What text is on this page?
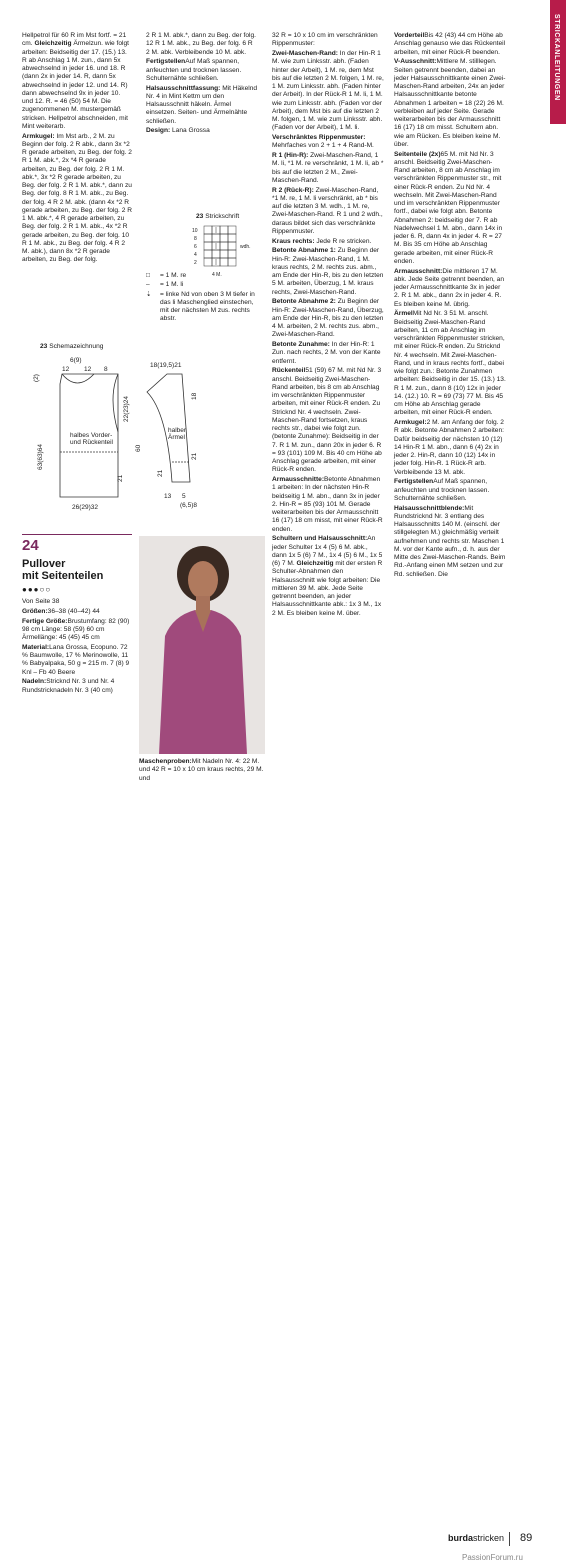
STRICKANLEITUNGEN

Hellpetrol für 60 R im Mst fortf. = 21 cm. Gleichzeitig Ärmelzun. wie folgt arbeiten: Beidseitig der 17. (15.) 13. R ab Anschlag 1 M. zun., dann 5x abwechselnd in jeder 16. und 18. R (dann 2x in jeder 14. R, dann 5x abwechselnd in jeder 12. und 14. R) dann abwechselnd 9x in jeder 10. und 12. R. = 46 (50) 54 M. Die zugenommenen M. mustergemäß stricken. Hellpetrol abschneiden, mit Mint weiterarb.

Armkugel: Im Mst arb., 2 M. zu Beginn der folg. 2 R abk., dann 3x *2 R gerade arbeiten, zu Beg. der folg. 2 R 1 M. abk.*, 2x *4 R gerade arbeiten, zu Beg. der folg. 2 R 1 M. abk.*, 3x *2 R gerade arbeiten, zu Beg. der folg. 2 R 1 M. abk.*, dann zu Beg. der folg. 8 R 1 M. abk., zu Beg. der folg. 4 R 2 M. abk. (dann 4x *2 R gerade arbeiten, zu Beg. der folg. 2 R 1 M. abk.*, 4 R gerade arbeiten, zu Beg. der folg. 2 R 1 M. abk., 4x *2 R gerade arbeiten, zu Beg. der folg. 10 R 1 M. abk., zu Beg. der folg. 4 R 2 M. abk.), dann 8x *2 R gerade arbeiten, zu Beg. der folg.

23 Schemazeichnung
6(9)
12 12 8
(2)
63(63)64
22(23)24
21
halbes Vorder-
und Rückenteil
26(29)32
18(19,5)21
60
halber
Ärmel
18
21
21
13 5
(6,5)8

2 R 1 M. abk.*, dann zu Beg. der folg. 12 R 1 M. abk., zu Beg. der folg. 6 R 2 M. abk. Verbleibende 10 M. abk.

FertigstellenAuf Maß spannen, anfeuchten und trocknen lassen. Schulternähte schließen.

Halsausschnittfassung: Mit Häkelnd Nr. 4 in Mint Kettm um den Halsausschnitt häkeln. Ärmel einsetzen. Seiten- und Ärmelnähte schließen.

Design: Lana Grossa

23 Strickschrift
10
8
6
4
2
wdh.
4 M.
□	= 1 M. re
–	= 1 M. li
⇣	= linke Nd von oben 3 M tiefer in das li Maschenglied einstechen, mit der nächsten M zus. rechts abstr.
24
Pullover
mit Seitenteilen
●●●○○

Von Seite 38

Größen:36–38 (40–42) 44

Fertige Größe:Brustumfang: 82 (90) 98 cm Länge: 58 (59) 60 cm Ärmellänge: 45 (45) 45 cm

Material:Lana Grossa, Ecopuno. 72 % Baumwolle, 17 % Merinowolle, 11 % Babyalpaka, 50 g = 215 m. 7 (8) 9 Knl – Fb 40 Beere

Nadeln:Stricknd Nr. 3 und Nr. 4 Rundstricknadeln Nr. 3 (40 cm)

Maschenproben:Mit Nadeln Nr. 4: 22 M. und 42 R = 10 x 10 cm kraus rechts, 29 M. und

32 R = 10 x 10 cm im verschränkten Rippenmuster:

Zwei-Maschen-Rand: In der Hin-R 1 M. wie zum Linksstr. abh. (Faden hinter der Arbeit), 1 M. re, dem Mst bis auf die letzten 2 M. folgen, 1 M. re, 1 M. zum Linksstr. abh. (Faden hinter der Arbeit). In der Rück-R 1 M. li, 1 M. wie zum Linksstr. abh. (Faden vor der Arbeit), dem Mst bis auf die letzten 2 M. folgen, 1 M. wie zum Linksstr. abh. (Faden vor der Arbeit), 1 M. li.

Verschränktes Rippenmuster: Mehrfaches von 2 + 1 + 4 Rand-M.

R 1 (Hin-R): Zwei-Maschen-Rand, 1 M. li, *1 M. re verschränkt, 1 M. li, ab * bis auf die letzten 2 M., Zwei-Maschen-Rand.

R 2 (Rück-R): Zwei-Maschen-Rand, *1 M. re, 1 M. li verschränkt, ab * bis auf die letzten 3 M. wdh., 1 M. re, Zwei-Maschen-Rand. R 1 und 2 wdh., daraus bildet sich das verschränkte Rippenmuster.

Kraus rechts: Jede R re stricken.

Betonte Abnahme 1: Zu Beginn der Hin-R: Zwei-Maschen-Rand, 1 M. kraus rechts, 2 M. rechts zus. abm., am Ende der Hin-R, bis zu den letzten 5 M. arbeiten, Überzug, 1 M. kraus rechts, Zwei-Maschen-Rand.

Betonte Abnahme 2: Zu Beginn der Hin-R: Zwei-Maschen-Rand, Überzug, am Ende der Hin-R, bis zu den letzten 4 M. arbeiten, 2 M. rechts zus. abm., Zwei-Maschen-Rand.

Betonte Zunahme: In der Hin-R: 1 Zun. nach rechts, 2 M. von der Kante entfernt.

Rückenteil51 (59) 67 M. mit Nd Nr. 3 anschl. Beidseitig Zwei-Maschen-Rand arbeiten, bis 8 cm ab Anschlag im verschränkten Rippenmuster arbeiten, mit einer Rück-R enden. Zu Stricknd Nr. 4 wechseln. Zwei-Maschen-Rand fortsetzen, kraus rechts str., dabei wie folgt zun. (betonte Zunahme): Beidseitig in der 7. R 1 M. zun., dann 20x in jeder 6. R = 93 (101) 109 M. Bis 40 cm Höhe ab Anschlag gerade arbeiten, mit einer Rück-R enden.

Armausschnitte:Betonte Abnahmen 1 arbeiten: In der nächsten Hin-R beidseitig 1 M. abn., dann 3x in jeder 2. Hin-R = 85 (93) 101 M. Gerade weiterarbeiten bis der Armausschnitt 16 (17) 18 cm misst, mit einer Rück-R enden.

Schultern und Halsausschnitt:An jeder Schulter 1x 4 (5) 6 M. abk., dann 1x 5 (6) 7 M., 1x 4 (5) 6 M., 1x 5 (6) 7 M. Gleichzeitig mit der ersten R Schulter-Abnahmen den Halsausschnitt wie folgt arbeiten: Die mittleren 39 M. abk. Jede Seite getrennt beenden, an jeder Halsausschnittkante abk.: 1x 3 M., 1x 2 M. Es bleiben keine M. über.

VorderteilBis 42 (43) 44 cm Höhe ab Anschlag genauso wie das Rückenteil arbeiten, mit einer Rück-R beenden.

V-Ausschnitt:Mittlere M. stilllegen. Seiten getrennt beenden, dabei an jeder Halsausschnittkante einen Zwei-Maschen-Rand arbeiten, 24x an jeder Halsausschnittkante betonte Abnahmen 1 arbeiten = 18 (22) 26 M. verbleiben auf jeder Seite. Gerade weiterarbeiten bis der Armausschnitt 16 (17) 18 cm misst. Schultern abn. wie am Rücken. Es bleiben keine M. über.

Seitenteile (2x)65 M. mit Nd Nr. 3 anschl. Beidseitig Zwei-Maschen-Rand arbeiten, 8 cm ab Anschlag im verschränkten Rippenmuster str., mit einer Rück-R enden. Zu Nd Nr. 4 wechseln. Mit Zwei-Maschen-Rand und im verschränkten Rippenmuster fortf., dabei wie folgt abn. Betonte Abnahmen 2: beidseitig der 7. R ab Nadelwechsel 1 M. abn., dann 14x in jeder 6. R, dann 4x in jeder 4. R = 27 M. Bis 35 cm Höhe ab Anschlag gerade arbeiten, mit einer Rück-R enden.

Armausschnitt:Die mittleren 17 M. abk. Jede Seite getrennt beenden, an jeder Armausschnittkante 3x in jeder 2. R 1 M. abk., dann 2x in jeder 4. R. Es bleiben keine M. übrig.

ÄrmelMit Nd Nr. 3 51 M. anschl. Beidseitig Zwei-Maschen-Rand arbeiten, 11 cm ab Anschlag im verschränkten Rippenmuster stricken, mit einer Rück-R enden. Zu Stricknd Nr. 4 wechseln. Mit Zwei-Maschen-Rand, und in kraus rechts fortf., dabei wie folgt zun.: Betonte Zunahmen arbeiten: Beidseitig in der 15. (13.) 13. R 1 M. zun., dann 8 (10) 12x in jeder 14. (12.) 10. R = 69 (73) 77 M. Bis 45 cm Höhe ab Anschlag gerade arbeiten, mit einer Rück-R enden.

Armkugel:2 M. am Anfang der folg. 2 R abk. Betonte Abnahmen 2 arbeiten: Dafür beidseitig der nächsten 10 (12) 14 Hin-R 1 M. abn., dann 6 (4) 2x in jeder 2. Hin-R, dann 10 (12) 14x in jeder folg. Hin-R. 1 Rück-R arb. Verbleibende 13 M. abk.

FertigstellenAuf Maß spannen, anfeuchten und trocknen lassen. Schulternähte schließen.

Halsausschnittblende:Mit Rundstricknd Nr. 3 entlang des Halsausschnitts 140 M. (einschl. der stillgelegten M.) gleichmäßig verteilt aufnehmen und rechts str. Maschen 1 M. vor der Kante aufn., d. h. aus der Mitte des Zwei-Maschen-Rands. Beim Rd.-Anfang einen MM setzen und zur Rd. schließen. Die

burdastricken 89
PassionForum.ru
